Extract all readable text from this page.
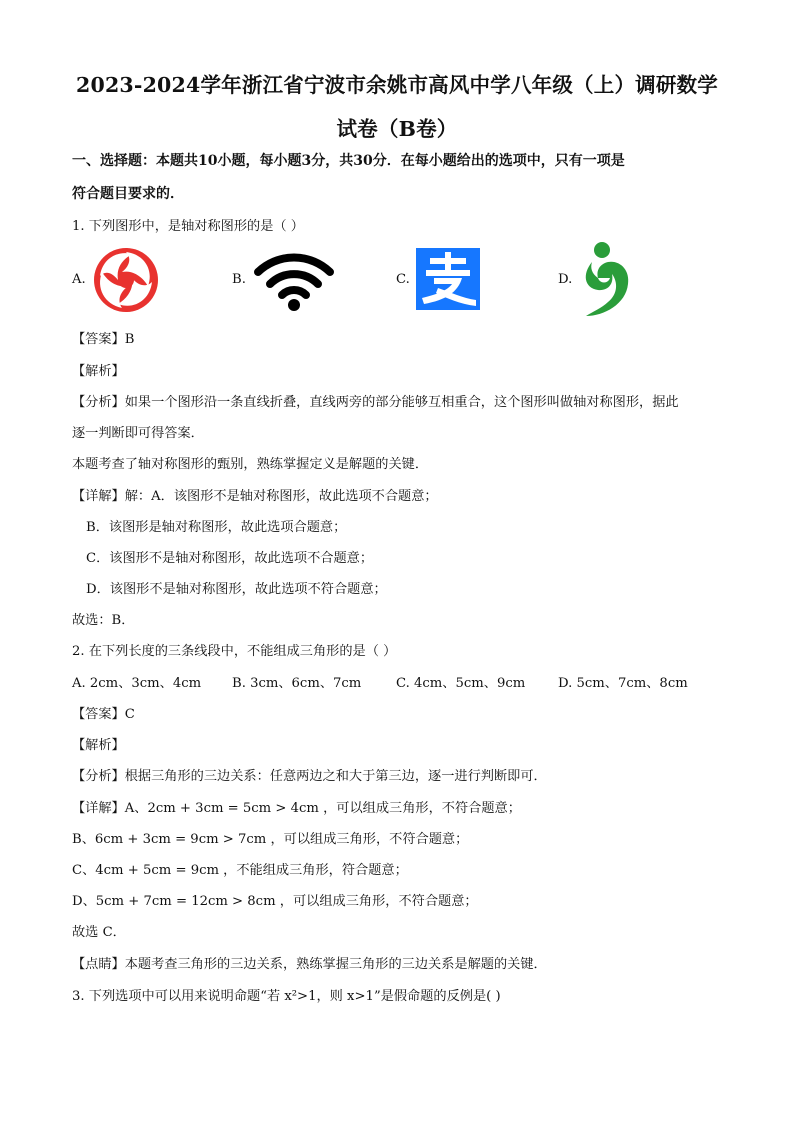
2023-2024学年浙江省宁波市余姚市高风中学八年级（上）调研数学
试卷（B卷）
一、选择题：本题共10小题，每小题3分，共30分．在每小题给出的选项中，只有一项是
符合题目要求的．
1. 下列图形中，是轴对称图形的是（ ）
A.	B.	C.	D.
【答案】B
【解析】
【分析】如果一个图形沿一条直线折叠，直线两旁的部分能够互相重合，这个图形叫做轴对称图形，据此
逐一判断即可得答案．
本题考查了轴对称图形的甄别，熟练掌握定义是解题的关键．
【详解】解：A．该图形不是轴对称图形，故此选项不合题意；
B．该图形是轴对称图形，故此选项合题意；
C．该图形不是轴对称图形，故此选项不合题意；
D．该图形不是轴对称图形，故此选项不符合题意；
故选：B．
2. 在下列长度的三条线段中，不能组成三角形的是（ ）
A. 2cm、3cm、4cm B. 3cm、6cm、7cm	C. 4cm、5cm、9cm D. 5cm、7cm、8cm
【答案】C
【解析】
【分析】根据三角形的三边关系：任意两边之和大于第三边，逐一进行判断即可．
【详解】A、2cm + 3cm = 5cm > 4cm ，可以组成三角形，不符合题意；
B、6cm + 3cm = 9cm > 7cm ，可以组成三角形，不符合题意；
C、4cm + 5cm = 9cm ，不能组成三角形，符合题意；
D、5cm + 7cm = 12cm > 8cm ，可以组成三角形，不符合题意；
故选 C．
【点睛】本题考查三角形的三边关系，熟练掌握三角形的三边关系是解题的关键．
3. 下列选项中可以用来说明命题“若 x²>1，则 x>1”是假命题的反例是( )
